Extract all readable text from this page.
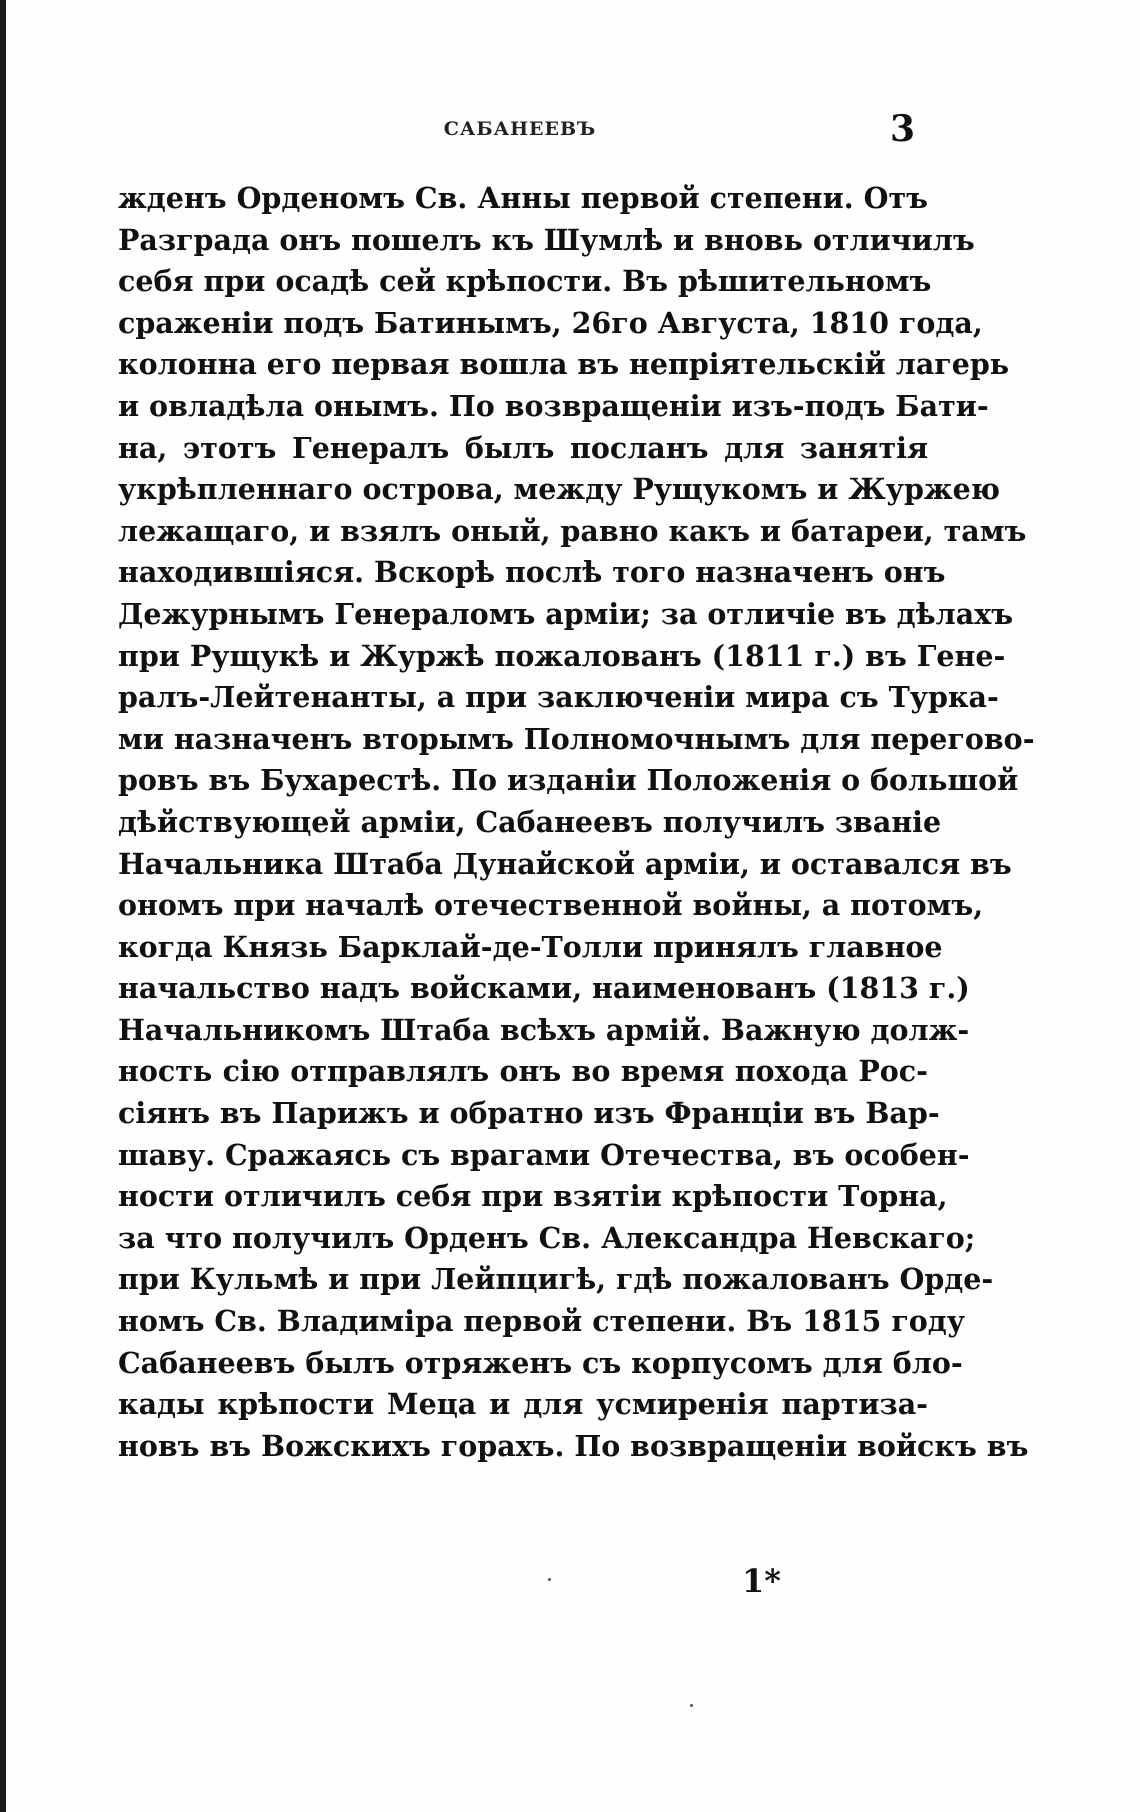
САБАНЕЕВЪ	3
жденъ Орденомъ Св. Анны первой степени. Отъ
Разграда онъ пошелъ къ Шумлѣ и вновь отличилъ
себя при осадѣ сей крѣпости. Въ рѣшительномъ
сраженіи подъ Батинымъ, 26го Августа, 1810 года,
колонна его первая вошла въ непріятельскій лагерь
и овладѣла онымъ. По возвращеніи изъ-подъ Бати-
на, этотъ Генералъ былъ посланъ для занятія
укрѣпленнаго острова, между Рущукомъ и Журжею
лежащаго, и взялъ оный, равно какъ и батареи, тамъ
находившіяся. Вскорѣ послѣ того назначенъ онъ
Дежурнымъ Генераломъ арміи; за отличіе въ дѣлахъ
при Рущукѣ и Журжѣ пожалованъ (1811 г.) въ Гене-
ралъ-Лейтенанты, а при заключеніи мира съ Турка-
ми назначенъ вторымъ Полномочнымъ для перегово-
ровъ въ Бухарестѣ. По изданіи Положенія о большой
дѣйствующей арміи, Сабанеевъ получилъ званіе
Начальника Штаба Дунайской арміи, и оставался въ
ономъ при началѣ отечественной войны, а потомъ,
когда Князь Барклай-де-Толли принялъ главное
начальство надъ войсками, наименованъ (1813 г.)
Начальникомъ Штаба всѣхъ армій. Важную долж-
ность сію отправлялъ онъ во время похода Рос-
сіянъ въ Парижъ и обратно изъ Франціи въ Вар-
шаву. Сражаясь съ врагами Отечества, въ особен-
ности отличилъ себя при взятіи крѣпости Торна,
за что получилъ Орденъ Св. Александра Невскаго;
при Кульмѣ и при Лейпцигѣ, гдѣ пожалованъ Орде-
номъ Св. Владиміра первой степени. Въ 1815 году
Сабанеевъ былъ отряженъ съ корпусомъ для бло-
кады крѣпости Меца и для усмиренія партиза-
новъ въ Вожскихъ горахъ. По возвращеніи войскъ въ
1*
